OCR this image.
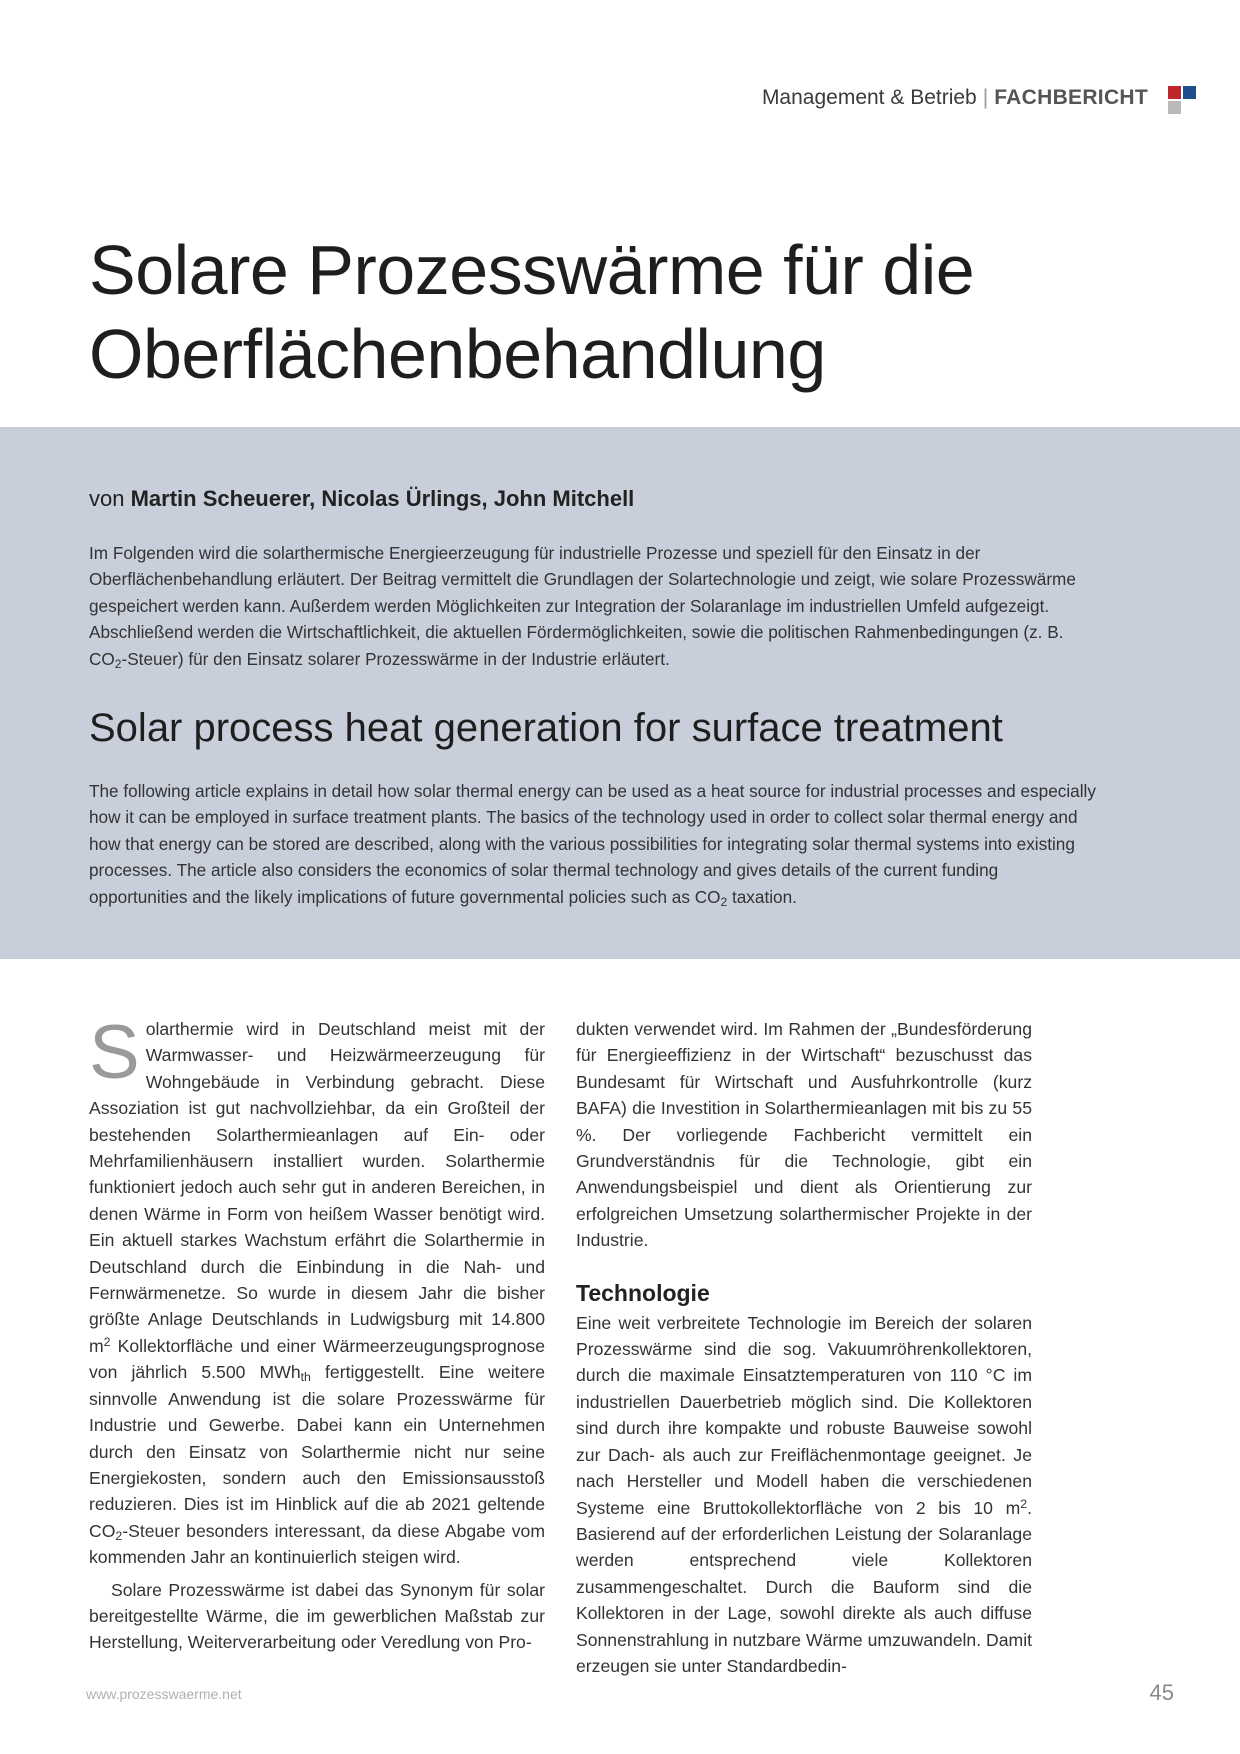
Management & Betrieb | FACHBERICHT
Solare Prozesswärme für die
Oberflächenbehandlung
von Martin Scheuerer, Nicolas Ürlings, John Mitchell

Im Folgenden wird die solarthermische Energieerzeugung für industrielle Prozesse und speziell für den Einsatz in der Oberflächenbehandlung erläutert. Der Beitrag vermittelt die Grundlagen der Solartechnologie und zeigt, wie solare Prozesswärme gespeichert werden kann. Außerdem werden Möglichkeiten zur Integration der Solaranlage im industriellen Umfeld aufgezeigt. Abschließend werden die Wirtschaftlichkeit, die aktuellen Fördermöglichkeiten, sowie die politischen Rahmenbedingungen (z. B. $CO_2-Steuer$) für den Einsatz solarer Prozesswärme in der Industrie erläutert.

Solar process heat generation for surface treatment

The following article explains in detail how solar thermal energy can be used as a heat source for industrial processes and especially how it can be employed in surface treatment plants. The basics of the technology used in order to collect solar thermal energy and how that energy can be stored are described, along with the various possibilities for integrating solar thermal systems into existing processes. The article also considers the economics of solar thermal technology and gives details of the current funding opportunities and the likely implications of future governmental policies such as $CO_2$ taxation.

Solarthermie wird in Deutschland meist mit der Warmwasser- und Heizwärmeerzeugung für Wohngebäude in Verbindung gebracht. Diese Assoziation ist gut nachvollziehbar, da ein Großteil der bestehenden Solarthermieanlagen auf Ein- oder Mehrfamilienhäusern installiert wurden. Solarthermie funktioniert jedoch auch sehr gut in anderen Bereichen, in denen Wärme in Form von heißem Wasser benötigt wird. Ein aktuell starkes Wachstum erfährt die Solarthermie in Deutschland durch die Einbindung in die Nah- und Fernwärmenetze. So wurde in diesem Jahr die bisher größte Anlage Deutschlands in Ludwigsburg mit 14.800 $m^2$ Kollektorfläche und einer Wärmeerzeugungsprognose von jährlich 5.500 MWh$_{th}$ fertiggestellt. Eine weitere sinnvolle Anwendung ist die solare Prozesswärme für Industrie und Gewerbe. Dabei kann ein Unternehmen durch den Einsatz von Solarthermie nicht nur seine Energiekosten, sondern auch den Emissionsausstoß reduzieren. Dies ist im Hinblick auf die ab 2021 geltende $CO_2$-Steuer besonders interessant, da diese Abgabe vom kommenden Jahr an kontinuierlich steigen wird.

Solare Prozesswärme ist dabei das Synonym für solar bereitgestellte Wärme, die im gewerblichen Maßstab zur Herstellung, Weiterverarbeitung oder Veredlung von Pro-

dukten verwendet wird. Im Rahmen der „Bundesförderung für Energieeffizienz in der Wirtschaft“ bezuschusst das Bundesamt für Wirtschaft und Ausfuhrkontrolle (kurz BAFA) die Investition in Solarthermieanlagen mit bis zu 55 %. Der vorliegende Fachbericht vermittelt ein Grundverständnis für die Technologie, gibt ein Anwendungsbeispiel und dient als Orientierung zur erfolgreichen Umsetzung solarthermischer Projekte in der Industrie.

Technologie

Eine weit verbreitete Technologie im Bereich der solaren Prozesswärme sind die sog. Vakuumröhrenkollektoren, durch die maximale Einsatztemperaturen von 110 °C im industriellen Dauerbetrieb möglich sind. Die Kollektoren sind durch ihre kompakte und robuste Bauweise sowohl zur Dach- als auch zur Freiflächenmontage geeignet. Je nach Hersteller und Modell haben die verschiedenen Systeme eine Bruttokollektorfläche von 2 bis 10 $m^2$. Basierend auf der erforderlichen Leistung der Solaranlage werden entsprechend viele Kollektoren zusammengeschaltet. Durch die Bauform sind die Kollektoren in der Lage, sowohl direkte als auch diffuse Sonnenstrahlung in nutzbare Wärme umzuwandeln. Damit erzeugen sie unter Standardbedin-

www.prozesswaerme.net	45
